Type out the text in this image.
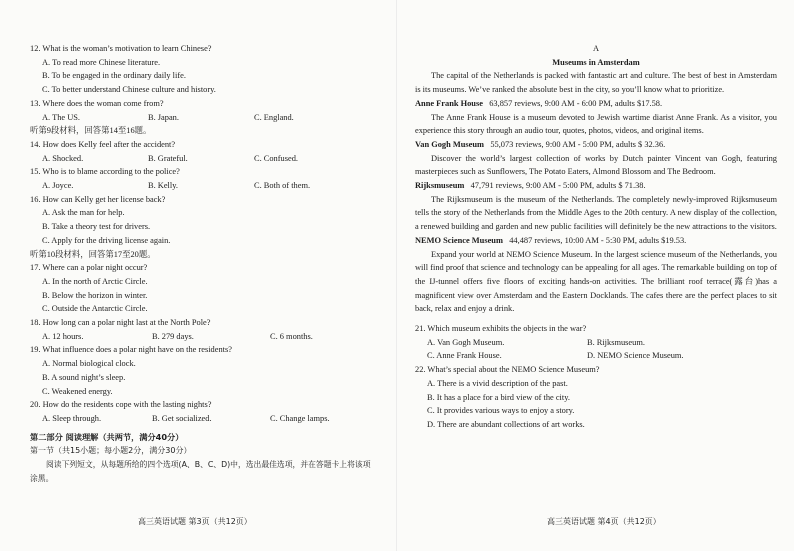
12. What is the woman’s motivation to learn Chinese?
A. To read more Chinese literature.
B. To be engaged in the ordinary daily life.
C. To better understand Chinese culture and history.
13. Where does the woman come from?
A. The US.	B. Japan.	C. England.
听第9段材料，回答第14至16题。
14. How does Kelly feel after the accident?
A. Shocked.	B. Grateful.	C. Confused.
15. Who is to blame according to the police?
A. Joyce.	B. Kelly.	C. Both of them.
16. How can Kelly get her license back?
A. Ask the man for help.
B. Take a theory test for drivers.
C. Apply for the driving license again.
听第10段材料，回答第17至20题。
17. Where can a polar night occur?
A. In the north of Arctic Circle.
B. Below the horizon in winter.
C. Outside the Antarctic Circle.
18. How long can a polar night last at the North Pole?
A. 12 hours.	B. 279 days.	C. 6 months.
19. What influence does a polar night have on the residents?
A. Normal biological clock.
B. A sound night’s sleep.
C. Weakened energy.
20. How do the residents cope with the lasting nights?
A. Sleep through.	B. Get socialized.	C. Change lamps.
第二部分 阅读理解（共两节，满分40分）
第一节（共15小题；每小题2分，满分30分）
阅读下列短文，从每题所给的四个选项(A、B、C、D)中，选出最佳选项，并在答题卡上将该项涂黑。
高三英语试题 第3页（共12页）
A
Museums in Amsterdam
The capital of the Netherlands is packed with fantastic art and culture. The best of best in Amsterdam is its museums. We’ve ranked the absolute best in the city, so you’ll know what to prioritize.
Anne Frank House 63,857 reviews, 9:00 AM - 6:00 PM, adults $17.58.
The Anne Frank House is a museum devoted to Jewish wartime diarist Anne Frank. As a visitor, you experience this story through an audio tour, quotes, photos, videos, and original items.
Van Gogh Museum 55,073 reviews, 9:00 AM - 5:00 PM, adults $ 32.36.
Discover the world’s largest collection of works by Dutch painter Vincent van Gogh, featuring masterpieces such as Sunflowers, The Potato Eaters, Almond Blossom and The Bedroom.
Rijksmuseum 47,791 reviews, 9:00 AM - 5:00 PM, adults $ 71.38.
The Rijksmuseum is the museum of the Netherlands. The completely newly-improved Rijksmuseum tells the story of the Netherlands from the Middle Ages to the 20th century. A new display of the collection, a renewed building and garden and new public facilities will definitely be the new attractions to the visitors.
NEMO Science Museum 44,487 reviews, 10:00 AM - 5:30 PM, adults $19.53.
Expand your world at NEMO Science Museum. In the largest science museum of the Netherlands, you will find proof that science and technology can be appealing for all ages. The remarkable building on top of the IJ-tunnel offers five floors of exciting hands-on activities. The brilliant roof terrace(露台)has a magnificent view over Amsterdam and the Eastern Docklands. The cafes there are the perfect places to sit back, relax and enjoy a drink.
21. Which museum exhibits the objects in the war?
A. Van Gogh Museum.	B. Rijksmuseum.
C. Anne Frank House.	D. NEMO Science Museum.
22. What’s special about the NEMO Science Museum?
A. There is a vivid description of the past.
B. It has a place for a bird view of the city.
C. It provides various ways to enjoy a story.
D. There are abundant collections of art works.
高三英语试题 第4页（共12页）
